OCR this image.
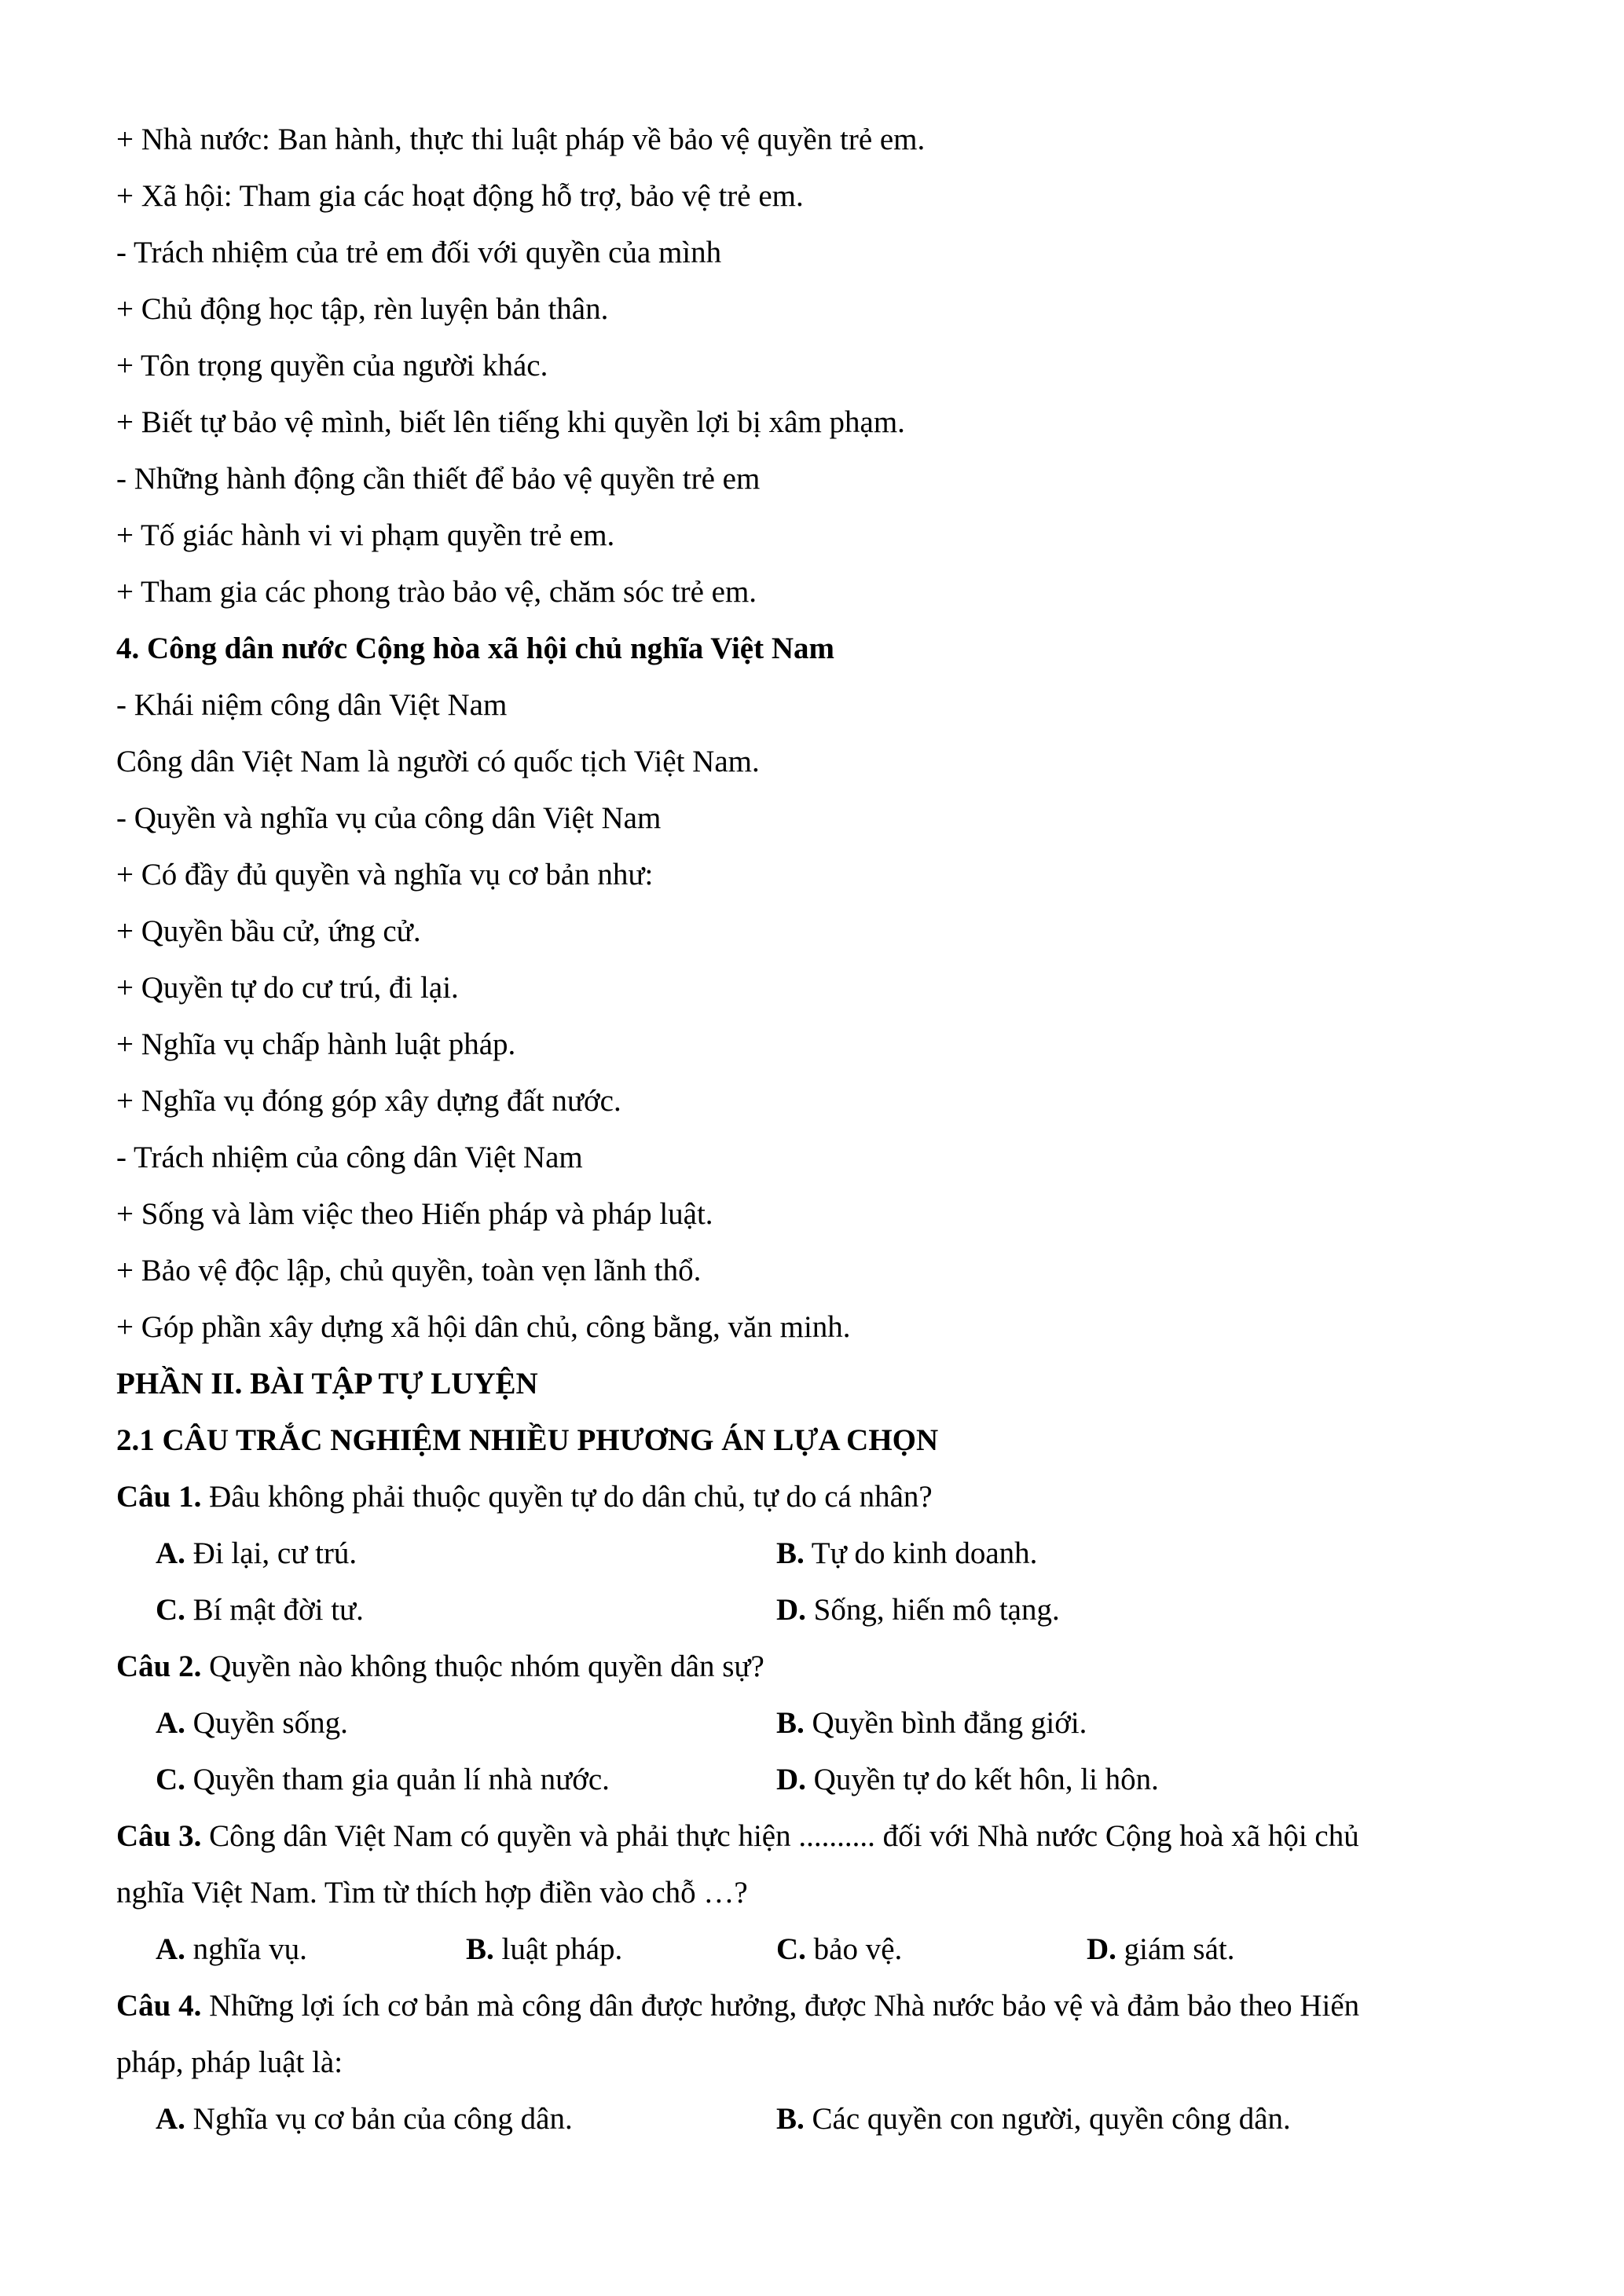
+ Nhà nước: Ban hành, thực thi luật pháp về bảo vệ quyền trẻ em.
+ Xã hội: Tham gia các hoạt động hỗ trợ, bảo vệ trẻ em.
- Trách nhiệm của trẻ em đối với quyền của mình
+ Chủ động học tập, rèn luyện bản thân.
+ Tôn trọng quyền của người khác.
+ Biết tự bảo vệ mình, biết lên tiếng khi quyền lợi bị xâm phạm.
- Những hành động cần thiết để bảo vệ quyền trẻ em
+ Tố giác hành vi vi phạm quyền trẻ em.
+ Tham gia các phong trào bảo vệ, chăm sóc trẻ em.
4. Công dân nước Cộng hòa xã hội chủ nghĩa Việt Nam
- Khái niệm công dân Việt Nam
Công dân Việt Nam là người có quốc tịch Việt Nam.
- Quyền và nghĩa vụ của công dân Việt Nam
+ Có đầy đủ quyền và nghĩa vụ cơ bản như:
+ Quyền bầu cử, ứng cử.
+ Quyền tự do cư trú, đi lại.
+ Nghĩa vụ chấp hành luật pháp.
+ Nghĩa vụ đóng góp xây dựng đất nước.
- Trách nhiệm của công dân Việt Nam
+ Sống và làm việc theo Hiến pháp và pháp luật.
+ Bảo vệ độc lập, chủ quyền, toàn vẹn lãnh thổ.
+ Góp phần xây dựng xã hội dân chủ, công bằng, văn minh.
PHẦN II. BÀI TẬP TỰ LUYỆN
2.1 CÂU TRẮC NGHIỆM NHIỀU PHƯƠNG ÁN LỰA CHỌN
Câu 1. Đâu không phải thuộc quyền tự do dân chủ, tự do cá nhân?
A. Đi lại, cư trú.	B. Tự do kinh doanh.
C. Bí mật đời tư.	D. Sống, hiến mô tạng.
Câu 2. Quyền nào không thuộc nhóm quyền dân sự?
A. Quyền sống.	B. Quyền bình đẳng giới.
C. Quyền tham gia quản lí nhà nước.	D. Quyền tự do kết hôn, li hôn.
Câu 3. Công dân Việt Nam có quyền và phải thực hiện .......... đối với Nhà nước Cộng hoà xã hội chủ
nghĩa Việt Nam. Tìm từ thích hợp điền vào chỗ …?
A. nghĩa vụ.	B. luật pháp.	C. bảo vệ.	D. giám sát.
Câu 4. Những lợi ích cơ bản mà công dân được hưởng, được Nhà nước bảo vệ và đảm bảo theo Hiến
pháp, pháp luật là:
A. Nghĩa vụ cơ bản của công dân.	B. Các quyền con người, quyền công dân.
